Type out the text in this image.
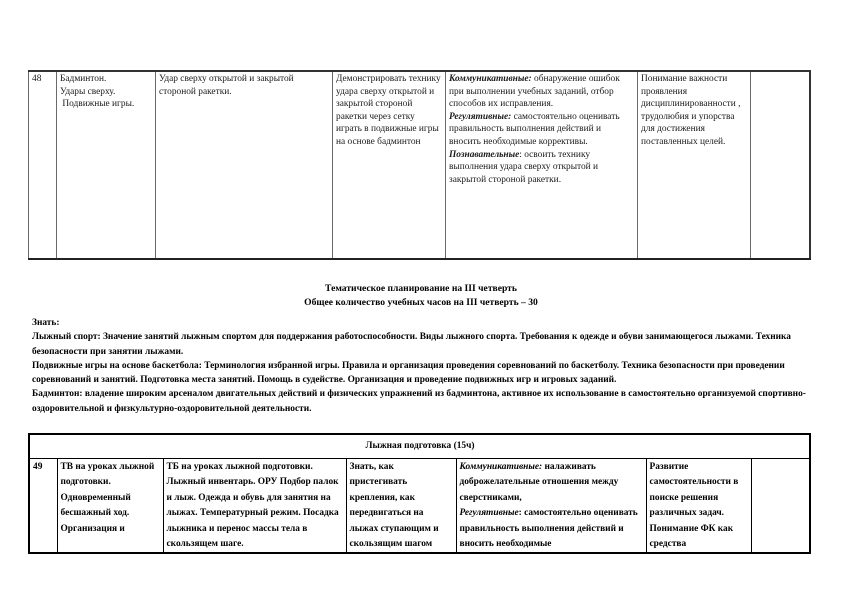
48	Бадминтон.
Удары сверху.
Подвижные игры.
	Удар сверху открытой и закрытой стороной ракетки.	Демонстрировать технику удара сверху открытой и закрытой стороной ракетки через сетку играть в подвижные игры на основе бадминтон	Коммуникативные: обнаружение ошибок при выполнении учебных заданий, отбор способов их исправления.
Регулятивные: самостоятельно оценивать правильность выполнения действий и вносить необходимые коррективы.
Познавательные: освоить технику выполнения удара сверху открытой и закрытой стороной ракетки.	Понимание важности проявления дисциплинированности , трудолюбия и упорства для достижения поставленных целей.	
Тематическое планирование на III четверть
Общее количество учебных часов на III четверть – 30

Знать:

Лыжный спорт: Значение занятий лыжным спортом для поддержания работоспособности. Виды лыжного спорта. Требования к одежде и обуви занимающегося лыжами. Техника безопасности при занятии лыжами.

Подвижные игры на основе баскетбола: Терминология избранной игры. Правила и организация проведения соревнований по баскетболу. Техника безопасности при проведении соревнований и занятий. Подготовка места занятий. Помощь в судействе. Организация и проведение подвижных игр и игровых заданий.

Бадминтон: владение широким арсеналом двигательных действий и физических упражнений из бадминтона, активное их использование в самостоятельно организуемой спортивно-оздоровительной и физкультурно-оздоровительной деятельности.

Лыжная подготовка (15ч)
49	ТВ на уроках лыжной подготовки. Одновременный бесшажный ход. Организация и	ТБ на уроках лыжной подготовки. Лыжный инвентарь. ОРУ Подбор палок и лыж. Одежда и обувь для занятия на лыжах. Температурный режим. Посадка лыжника и перенос массы тела в скользящем шаге.	Знать, как пристегивать крепления, как передвигаться на лыжах ступающим и скользящим шагом	Коммуникативные: налаживать доброжелательные отношения между сверстниками,
Регулятивные: самостоятельно оценивать правильность выполнения действий и вносить необходимые	Развитие самостоятельности в поиске решения различных задач. Понимание ФК как средства	
